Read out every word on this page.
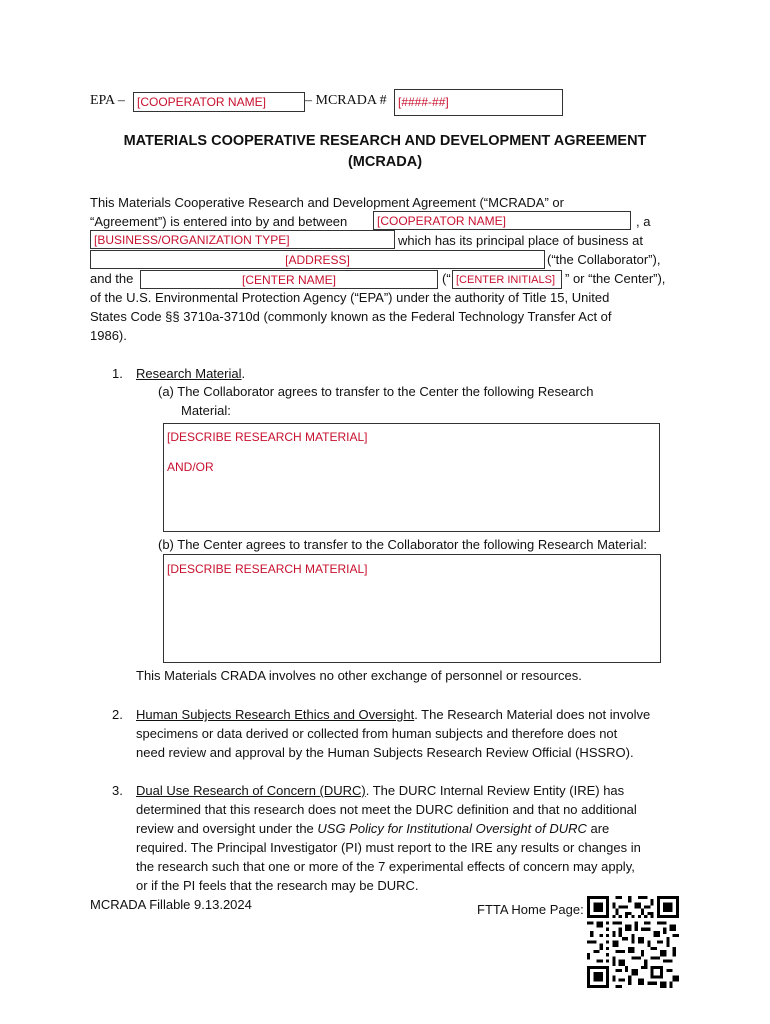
EPA –	[COOPERATOR NAME]	– MCRADA # [####-##]
MATERIALS COOPERATIVE RESEARCH AND DEVELOPMENT AGREEMENT
(MCRADA)
This Materials Cooperative Research and Development Agreement (“MCRADA” or
“Agreement”) is entered into by and between	[COOPERATOR NAME]	, a
[BUSINESS/ORGANIZATION TYPE]	which has its principal place of business at
[ADDRESS]	(“the Collaborator”),
and the	[CENTER NAME]	(“ [CENTER INITIALS] ” or “the Center”),
of the U.S. Environmental Protection Agency (“EPA”) under the authority of Title 15, United
States Code §§ 3710a-3710d (commonly known as the Federal Technology Transfer Act of
1986).
1. Research Material.
(a) The Collaborator agrees to transfer to the Center the following Research
Material:
[DESCRIBE RESEARCH MATERIAL]
AND/OR
(b) The Center agrees to transfer to the Collaborator the following Research Material:
[DESCRIBE RESEARCH MATERIAL]
This Materials CRADA involves no other exchange of personnel or resources.
2. Human Subjects Research Ethics and Oversight. The Research Material does not involve
specimens or data derived or collected from human subjects and therefore does not
need review and approval by the Human Subjects Research Review Official (HSSRO).
3. Dual Use Research of Concern (DURC). The DURC Internal Review Entity (IRE) has
determined that this research does not meet the DURC definition and that no additional
review and oversight under the USG Policy for Institutional Oversight of DURC are
required. The Principal Investigator (PI) must report to the IRE any results or changes in
the research such that one or more of the 7 experimental effects of concern may apply,
or if the PI feels that the research may be DURC.
MCRADA Fillable 9.13.2024	FTTA Home Page:
